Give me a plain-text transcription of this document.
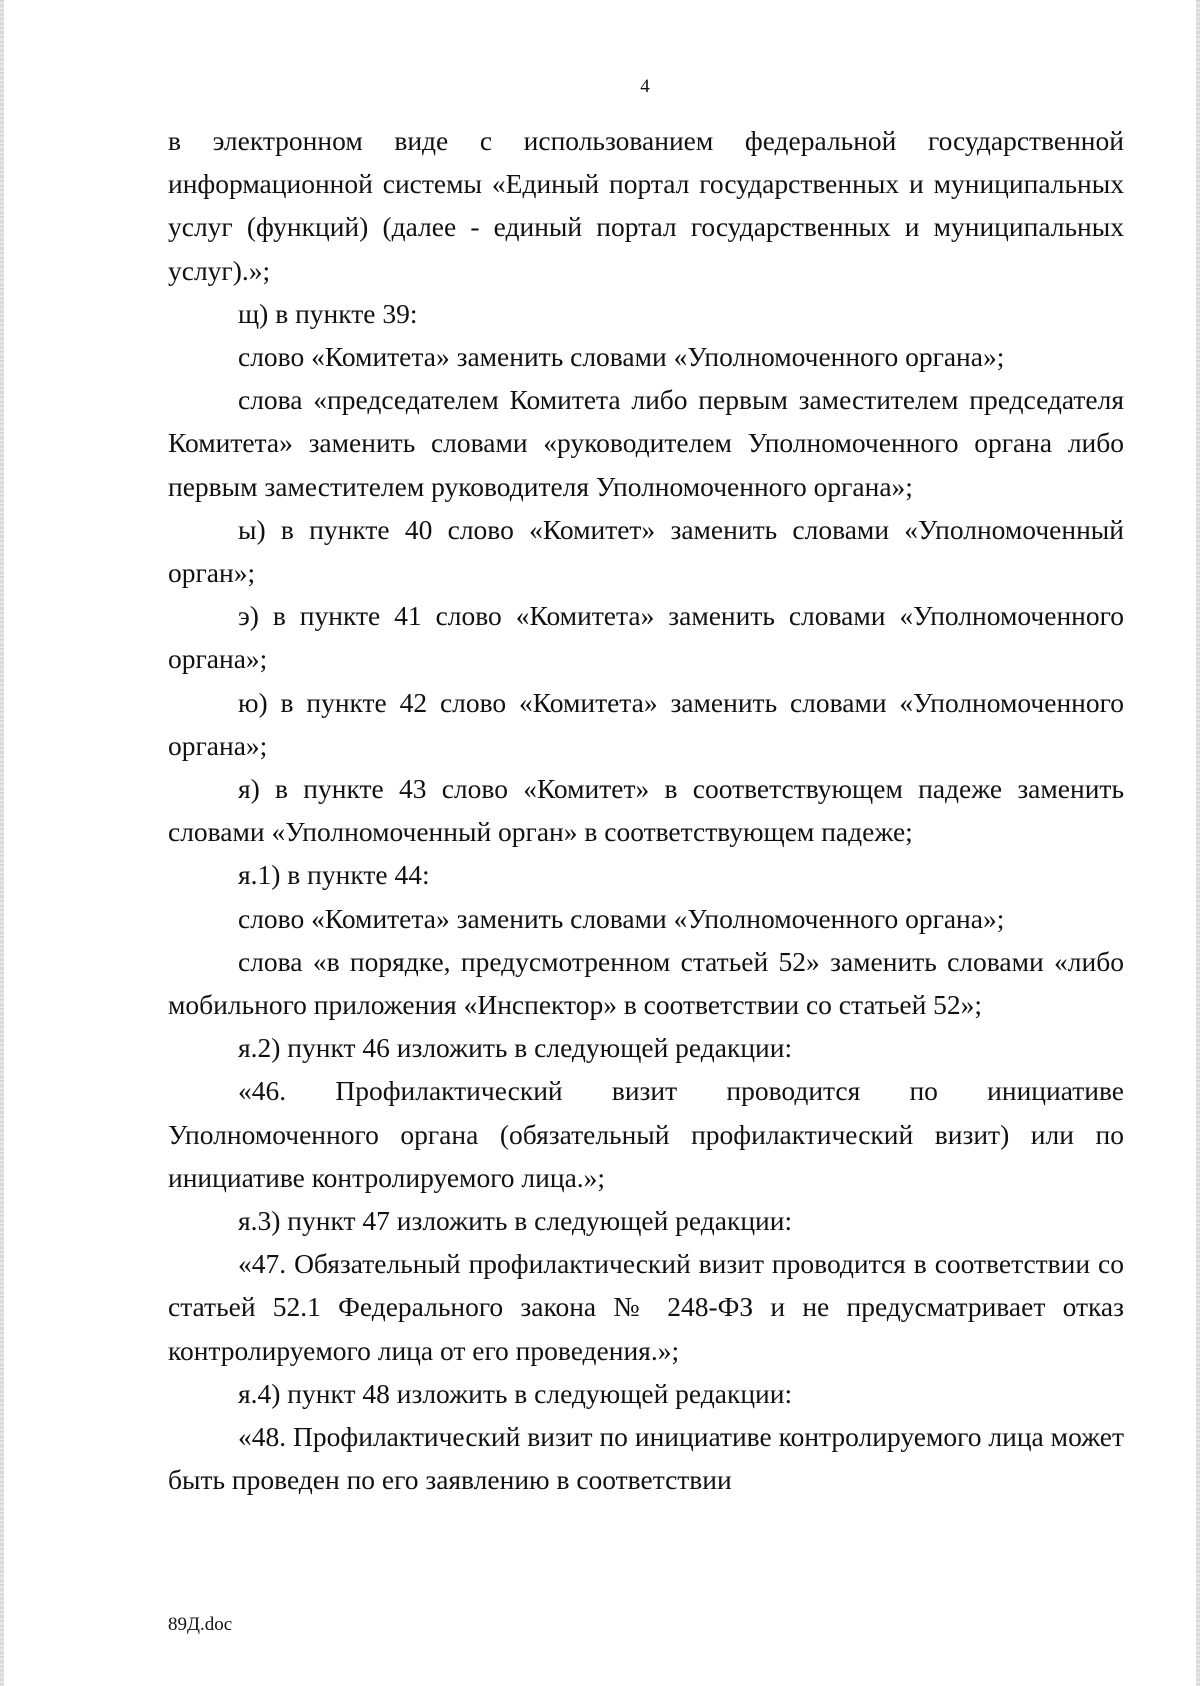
4

в электронном виде с использованием федеральной государственной информационной системы «Единый портал государственных и муниципальных услуг (функций) (далее - единый портал государственных и муниципальных услуг).»;

щ) в пункте 39:

слово «Комитета» заменить словами «Уполномоченного органа»;

слова «председателем Комитета либо первым заместителем председателя Комитета» заменить словами «руководителем Уполномоченного органа либо первым заместителем руководителя Уполномоченного органа»;

ы) в пункте 40 слово «Комитет» заменить словами «Уполномоченный орган»;

э) в пункте 41 слово «Комитета» заменить словами «Уполномоченного органа»;

ю) в пункте 42 слово «Комитета» заменить словами «Уполномоченного органа»;

я) в пункте 43 слово «Комитет» в соответствующем падеже заменить словами «Уполномоченный орган» в соответствующем падеже;

я.1) в пункте 44:

слово «Комитета» заменить словами «Уполномоченного органа»;

слова «в порядке, предусмотренном статьей 52» заменить словами «либо мобильного приложения «Инспектор» в соответствии со статьей 52»;

я.2) пункт 46 изложить в следующей редакции:

«46. Профилактический визит проводится по инициативе Уполномоченного органа (обязательный профилактический визит) или по инициативе контролируемого лица.»;

я.3) пункт 47 изложить в следующей редакции:

«47. Обязательный профилактический визит проводится в соответствии со статьей 52.1 Федерального закона № 248-ФЗ и не предусматривает отказ контролируемого лица от его проведения.»;

я.4) пункт 48 изложить в следующей редакции:

«48. Профилактический визит по инициативе контролируемого лица может быть проведен по его заявлению в соответствии

89Д.doc
